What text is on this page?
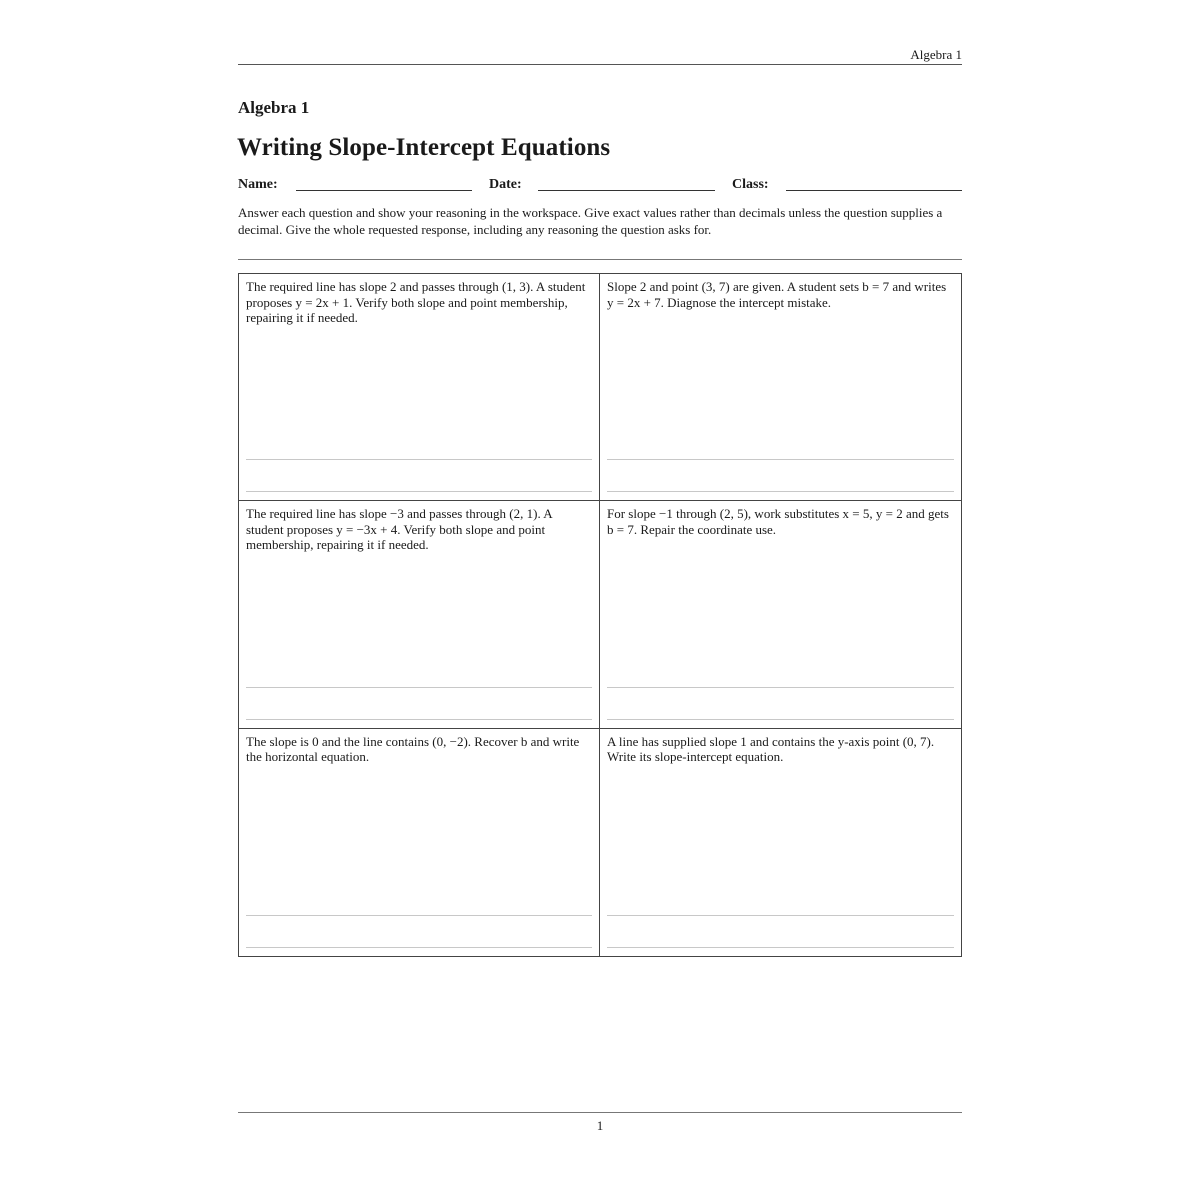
Algebra 1
Algebra 1
Writing Slope-Intercept Equations
Name:	Date:	Class:

Answer each question and show your reasoning in the workspace. Give exact values rather than decimals unless the question supplies a decimal. Give the whole requested response, including any reasoning the question asks for.

The required line has slope 2 and passes through (1, 3). A student proposes y = 2x + 1. Verify both slope and point membership, repairing it if needed.

Slope 2 and point (3, 7) are given. A student sets b = 7 and writes y = 2x + 7. Diagnose the intercept mistake.

The required line has slope −3 and passes through (2, 1). A student proposes y = −3x + 4. Verify both slope and point membership, repairing it if needed.

For slope −1 through (2, 5), work substitutes x = 5, y = 2 and gets b = 7. Repair the coordinate use.

The slope is 0 and the line contains (0, −2). Recover b and write the horizontal equation.

A line has supplied slope 1 and contains the y-axis point (0, 7). Write its slope-intercept equation.

1
